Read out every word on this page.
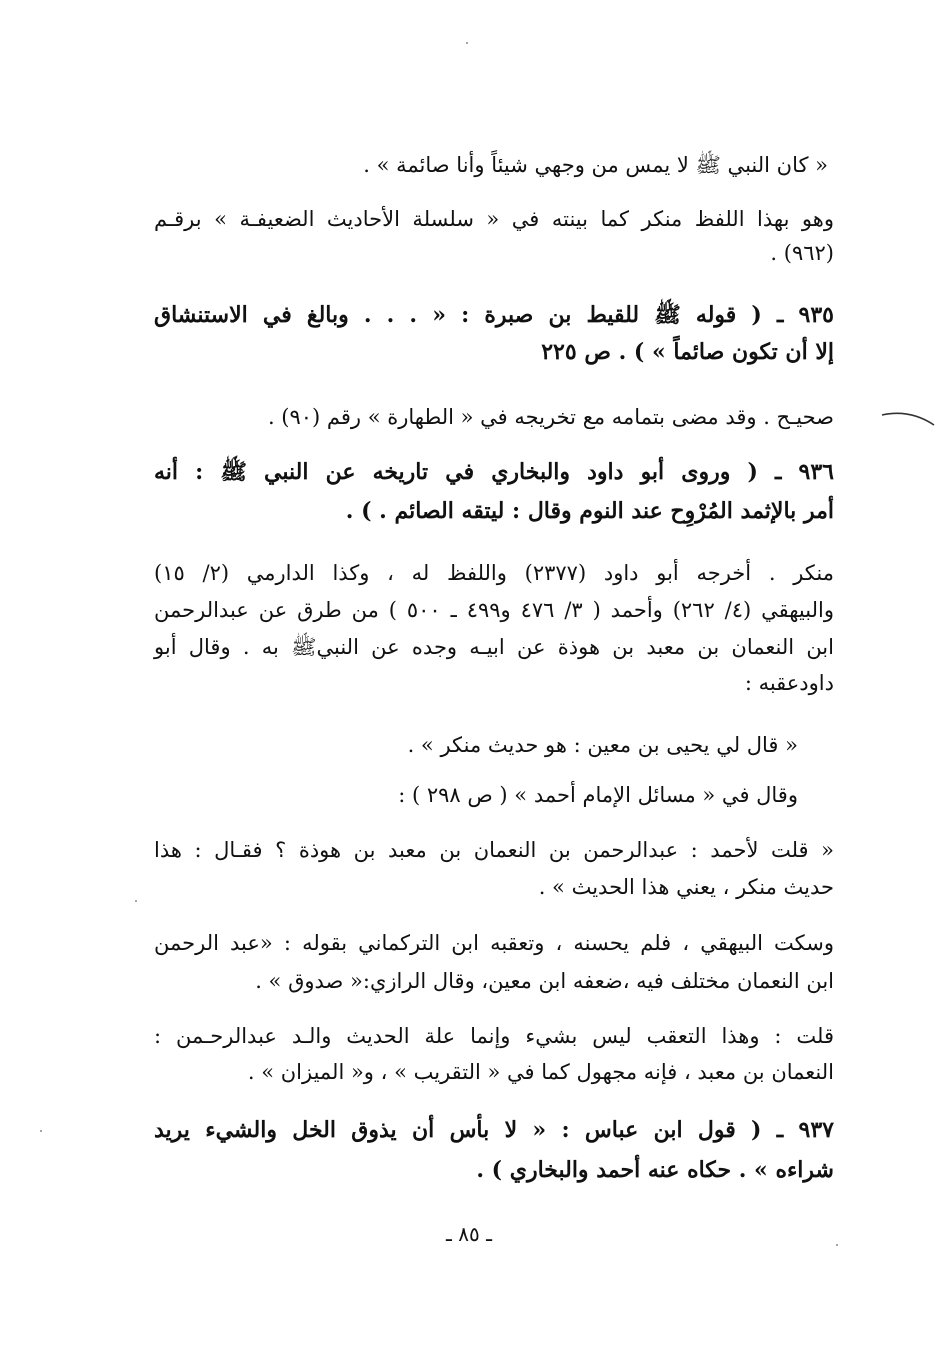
« كان النبي ﷺ لا يمس من وجهي شيئاً وأنا صائمة » .
وهو بهذا اللفظ منكر كما بينته في « سلسلة الأحاديث الضعيفـة » برقـم
(٩٦٢) .
٩٣٥ ـ ( قوله ﷺ للقيط بن صبرة : « . . . وبالغ في الاستنشاق
إلا أن تكون صائماً » ) . ص ٢٢٥
صحيـح . وقد مضى بتمامه مع تخريجه في « الطهارة » رقم (٩٠) .
٩٣٦ ـ ( وروى أبو داود والبخاري في تاريخه عن النبي ﷺ : أنه
أمر بالإثمد المُرْوِح عند النوم وقال : ليتقه الصائم . ) .
منكر . أخرجه أبو داود (٢٣٧٧) واللفظ له ، وكذا الدارمي (٢/ ١٥)
والبيهقي (٤/ ٢٦٢) وأحمد ( ٣/ ٤٧٦ و٤٩٩ ـ ٥٠٠ ) من طرق عن عبدالرحمن
ابن النعمان بن معبد بن هوذة عن ابيـه وجده عن النبيﷺ به . وقال أبو
داودعقبه :
« قال لي يحيى بن معين : هو حديث منكر » .
وقال في « مسائل الإمام أحمد » ( ص ٢٩٨ ) :
« قلت لأحمد : عبدالرحمن بن النعمان بن معبد بن هوذة ؟ فقـال : هذا
حديث منكر ، يعني هذا الحديث » .
وسكت البيهقي ، فلم يحسنه ، وتعقبه ابن التركماني بقوله : «عبد الرحمن
ابن النعمان مختلف فيه ،ضعفه ابن معين، وقال الرازي:« صدوق » .
قلت : وهذا التعقب ليس بشيء وإنما علة الحديث والـد عبدالرحـمن :
النعمان بن معبد ، فإنه مجهول كما في « التقريب » ، و« الميزان » .
٩٣٧ ـ ( قول ابن عباس : « لا بأس أن يذوق الخل والشيء يريد
شراءه » . حكاه عنه أحمد والبخاري ) .
ـ ٨٥ ـ
